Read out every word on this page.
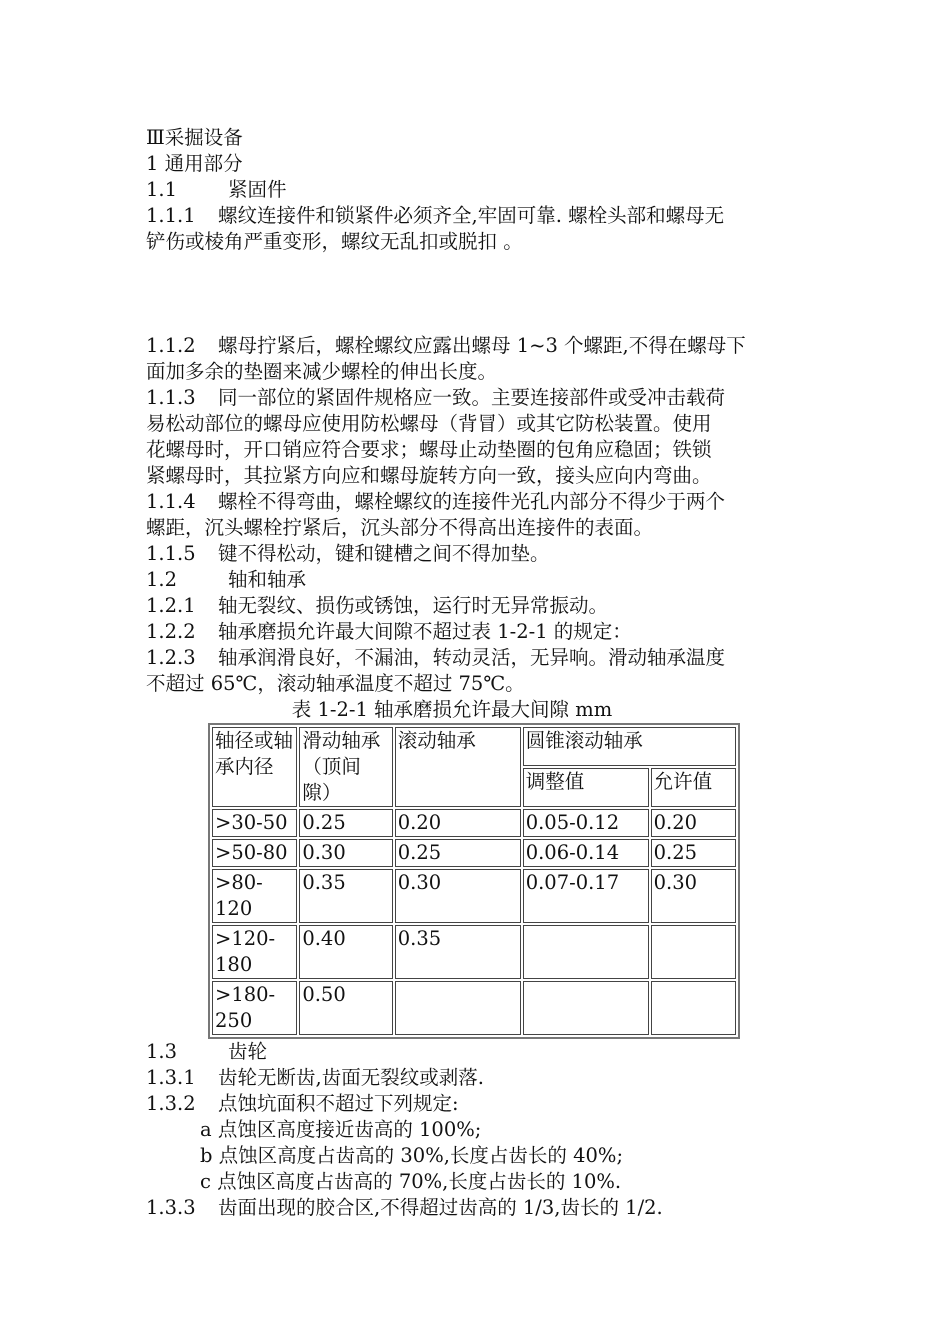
Ⅲ采掘设备
1 通用部分
1.1	紧固件
1.1.1 螺纹连接件和锁紧件必须齐全,牢固可靠. 螺栓头部和螺母无
铲伤或棱角严重变形，螺纹无乱扣或脱扣 。
1.1.2 螺母拧紧后，螺栓螺纹应露出螺母 1~3 个螺距,不得在螺母下
面加多余的垫圈来减少螺栓的伸出长度。
1.1.3 同一部位的紧固件规格应一致。主要连接部件或受冲击载荷
易松动部位的螺母应使用防松螺母（背冒）或其它防松装置。使用
花螺母时，开口销应符合要求；螺母止动垫圈的包角应稳固；铁锁
紧螺母时，其拉紧方向应和螺母旋转方向一致，接头应向内弯曲。
1.1.4 螺栓不得弯曲，螺栓螺纹的连接件光孔内部分不得少于两个
螺距，沉头螺栓拧紧后，沉头部分不得高出连接件的表面。
1.1.5 键不得松动，键和键槽之间不得加垫。
1.2	轴和轴承
1.2.1 轴无裂纹、损伤或锈蚀，运行时无异常振动。
1.2.2 轴承磨损允许最大间隙不超过表 1-2-1 的规定：
1.2.3 轴承润滑良好，不漏油，转动灵活，无异响。滑动轴承温度
不超过 65℃，滚动轴承温度不超过 75℃。
表 1-2-1 轴承磨损允许最大间隙 mm
轴径或轴承内径	滑动轴承（顶间隙）	滚动轴承	圆锥滚动轴承	
			调整值	允许值
>30-50	0.25	0.20	0.05-0.12	0.20
>50-80	0.30	0.25	0.06-0.14	0.25
>80-120	0.35	0.30	0.07-0.17	0.30
>120-180	0.40	0.35		
>180-250	0.50			
1.3	齿轮
1.3.1 齿轮无断齿,齿面无裂纹或剥落.
1.3.2 点蚀坑面积不超过下列规定:
a 点蚀区高度接近齿高的 100%;
b 点蚀区高度占齿高的 30%,长度占齿长的 40%;
c 点蚀区高度占齿高的 70%,长度占齿长的 10%.
1.3.3 齿面出现的胶合区,不得超过齿高的 1/3,齿长的 1/2.
